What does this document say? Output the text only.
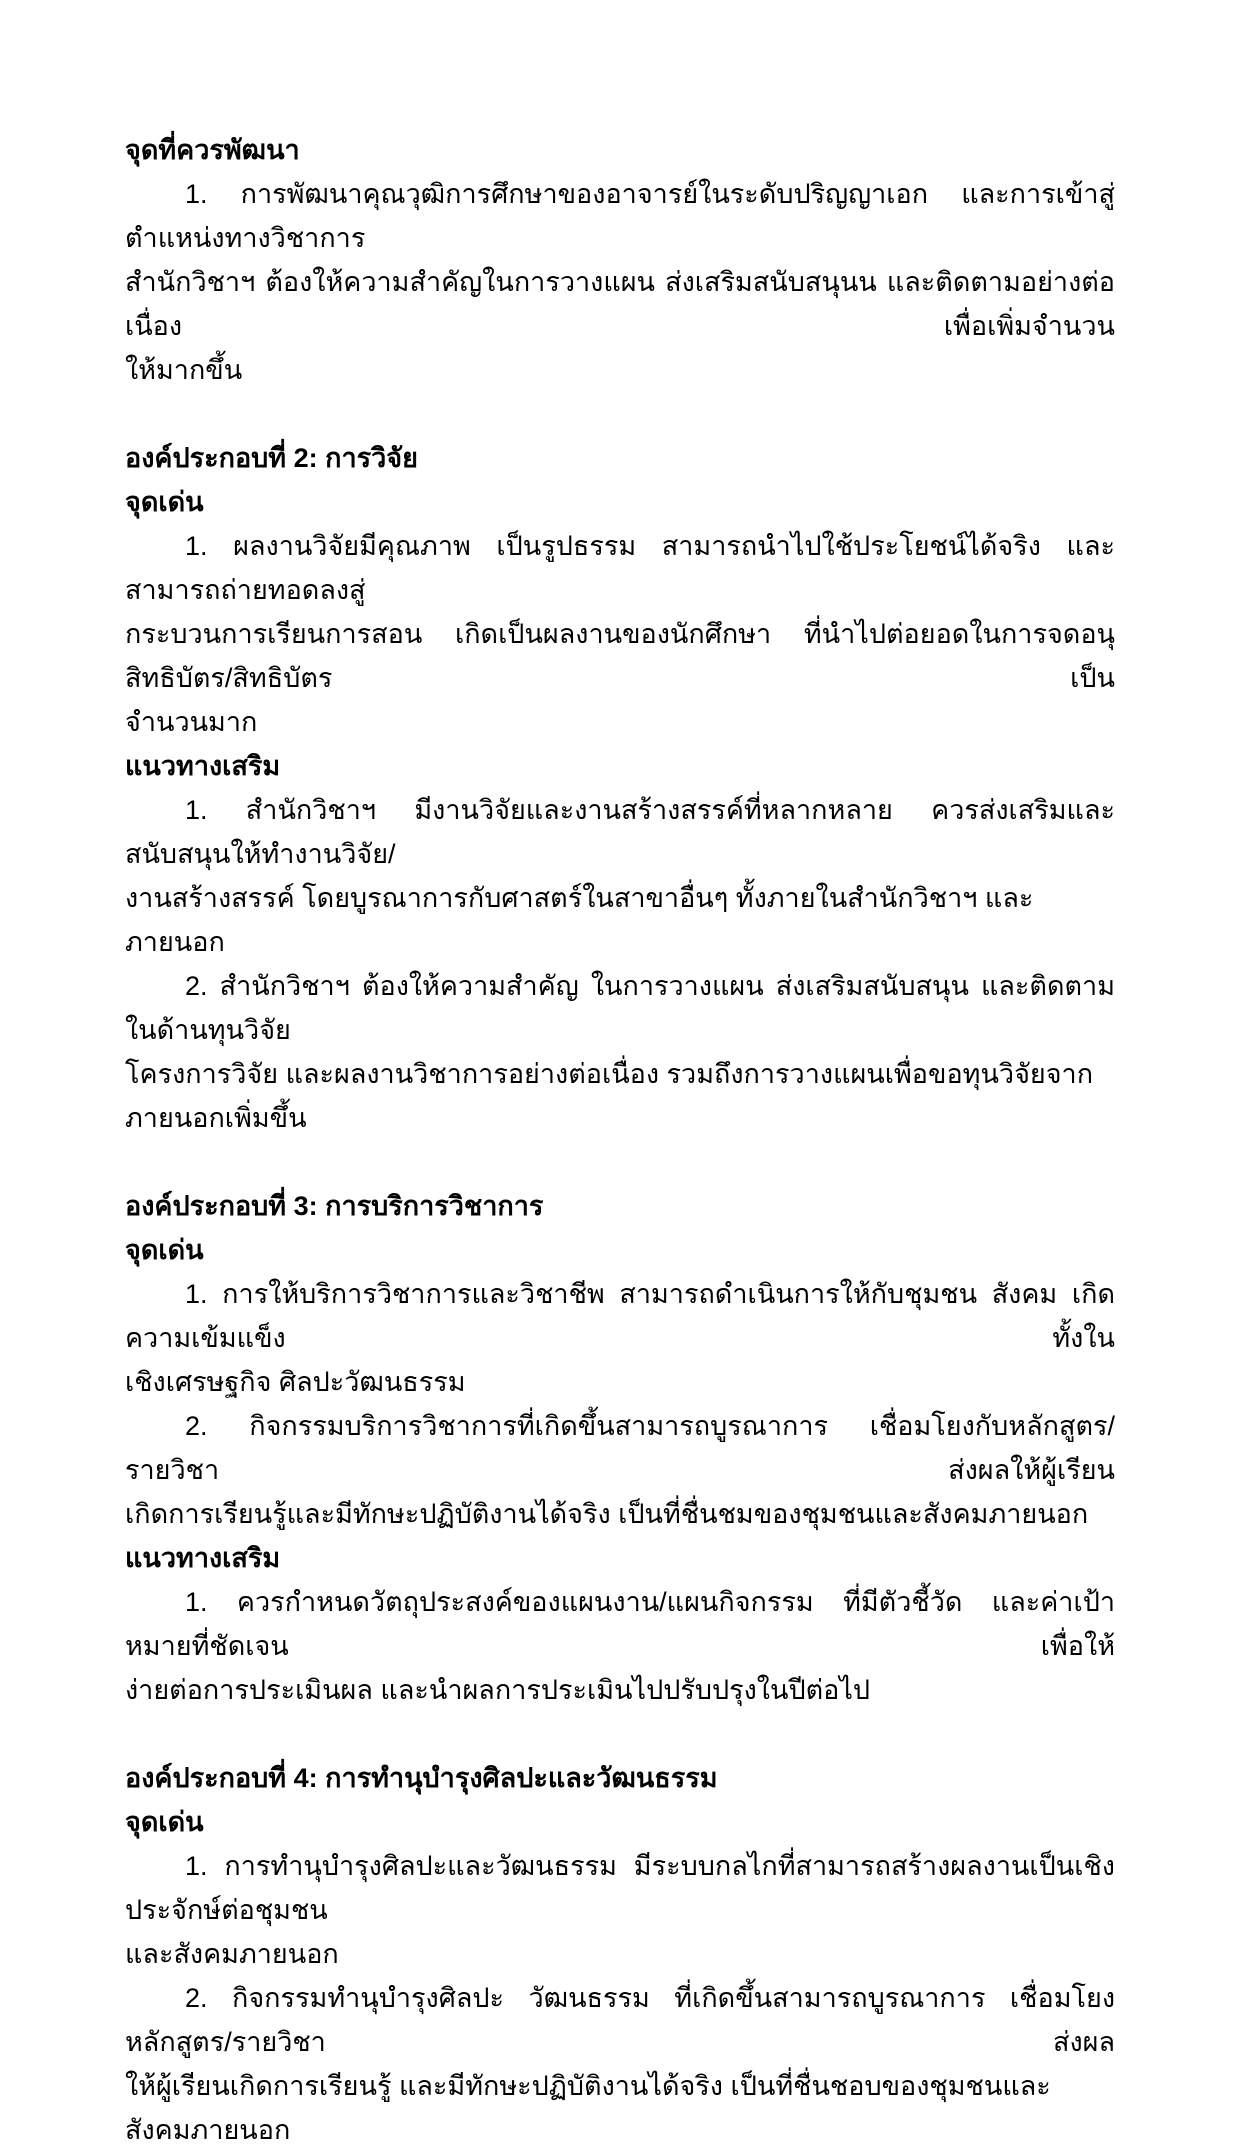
จุดที่ควรพัฒนา
1. การพัฒนาคุณวุฒิการศึกษาของอาจารย์ในระดับปริญญาเอก และการเข้าสู่ตำแหน่งทางวิชาการ
สำนักวิชาฯ ต้องให้ความสำคัญในการวางแผน ส่งเสริมสนับสนุนน และติดตามอย่างต่อเนื่อง เพื่อเพิ่มจำนวน
ให้มากขึ้น
องค์ประกอบที่ 2: การวิจัย
จุดเด่น
1. ผลงานวิจัยมีคุณภาพ เป็นรูปธรรม สามารถนำไปใช้ประโยชน์ได้จริง และสามารถถ่ายทอดลงสู่
กระบวนการเรียนการสอน เกิดเป็นผลงานของนักศึกษา ที่นำไปต่อยอดในการจดอนุสิทธิบัตร/สิทธิบัตร เป็น
จำนวนมาก
แนวทางเสริม
1. สำนักวิชาฯ มีงานวิจัยและงานสร้างสรรค์ที่หลากหลาย ควรส่งเสริมและสนับสนุนให้ทำงานวิจัย/
งานสร้างสรรค์ โดยบูรณาการกับศาสตร์ในสาขาอื่นๆ ทั้งภายในสำนักวิชาฯ และภายนอก
2. สำนักวิชาฯ ต้องให้ความสำคัญ ในการวางแผน ส่งเสริมสนับสนุน และติดตามในด้านทุนวิจัย
โครงการวิจัย และผลงานวิชาการอย่างต่อเนื่อง รวมถึงการวางแผนเพื่อขอทุนวิจัยจากภายนอกเพิ่มขึ้น
องค์ประกอบที่ 3: การบริการวิชาการ
จุดเด่น
1. การให้บริการวิชาการและวิชาชีพ สามารถดำเนินการให้กับชุมชน สังคม เกิดความเข้มแข็ง ทั้งใน
เชิงเศรษฐกิจ ศิลปะวัฒนธรรม
2. กิจกรรมบริการวิชาการที่เกิดขึ้นสามารถบูรณาการ เชื่อมโยงกับหลักสูตร/รายวิชา ส่งผลให้ผู้เรียน
เกิดการเรียนรู้และมีทักษะปฏิบัติงานได้จริง เป็นที่ชื่นชมของชุมชนและสังคมภายนอก
แนวทางเสริม
1. ควรกำหนดวัตถุประสงค์ของแผนงาน/แผนกิจกรรม ที่มีตัวชี้วัด และค่าเป้าหมายที่ชัดเจน เพื่อให้
ง่ายต่อการประเมินผล และนำผลการประเมินไปปรับปรุงในปีต่อไป
องค์ประกอบที่ 4: การทำนุบำรุงศิลปะและวัฒนธรรม
จุดเด่น
1. การทำนุบำรุงศิลปะและวัฒนธรรม มีระบบกลไกที่สามารถสร้างผลงานเป็นเชิงประจักษ์ต่อชุมชน
และสังคมภายนอก
2. กิจกรรมทำนุบำรุงศิลปะ วัฒนธรรม ที่เกิดขึ้นสามารถบูรณาการ เชื่อมโยงหลักสูตร/รายวิชา ส่งผล
ให้ผู้เรียนเกิดการเรียนรู้ และมีทักษะปฏิบัติงานได้จริง เป็นที่ชื่นชอบของชุมชนและสังคมภายนอก
